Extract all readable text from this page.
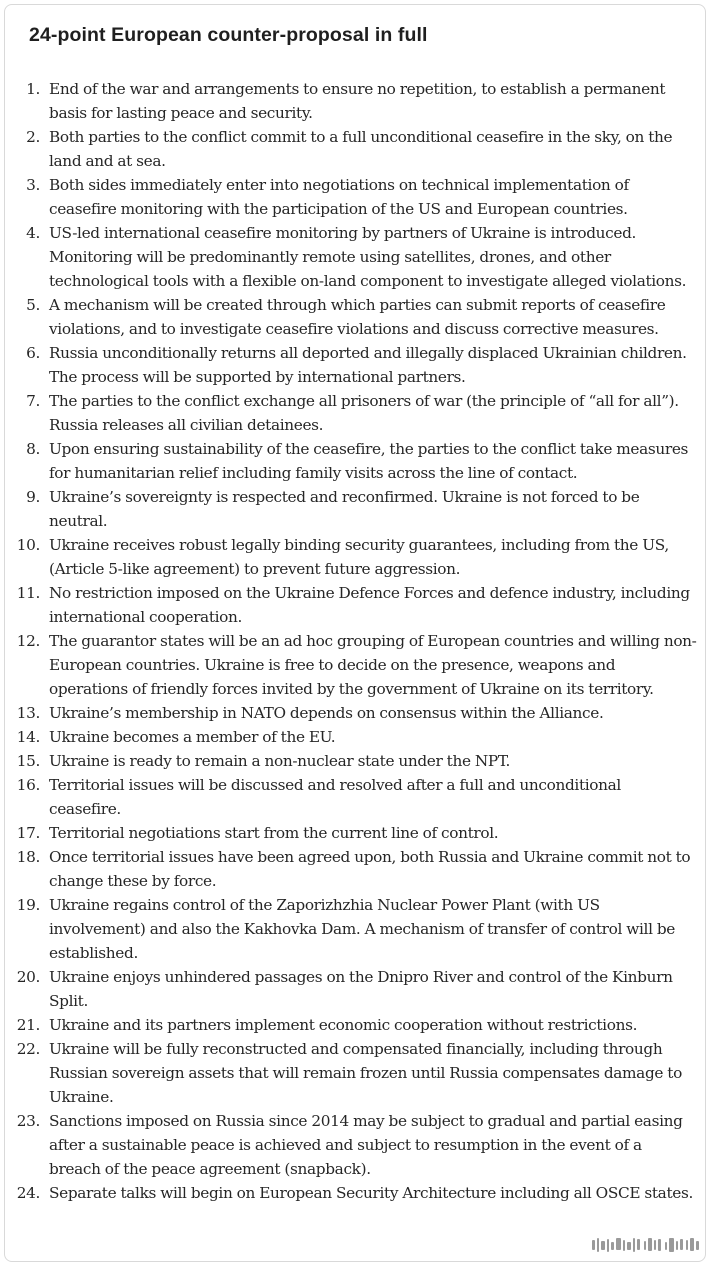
24-point European counter-proposal in full
1. End of the war and arrangements to ensure no repetition, to establish a permanent basis for lasting peace and security.
2. Both parties to the conflict commit to a full unconditional ceasefire in the sky, on the land and at sea.
3. Both sides immediately enter into negotiations on technical implementation of ceasefire monitoring with the participation of the US and European countries.
4. US-led international ceasefire monitoring by partners of Ukraine is introduced. Monitoring will be predominantly remote using satellites, drones, and other technological tools with a flexible on-land component to investigate alleged violations.
5. A mechanism will be created through which parties can submit reports of ceasefire violations, and to investigate ceasefire violations and discuss corrective measures.
6. Russia unconditionally returns all deported and illegally displaced Ukrainian children. The process will be supported by international partners.
7. The parties to the conflict exchange all prisoners of war (the principle of “all for all”). Russia releases all civilian detainees.
8. Upon ensuring sustainability of the ceasefire, the parties to the conflict take measures for humanitarian relief including family visits across the line of contact.
9. Ukraine’s sovereignty is respected and reconfirmed. Ukraine is not forced to be neutral.
10. Ukraine receives robust legally binding security guarantees, including from the US, (Article 5-like agreement) to prevent future aggression.
11. No restriction imposed on the Ukraine Defence Forces and defence industry, including international cooperation.
12. The guarantor states will be an ad hoc grouping of European countries and willing non-European countries. Ukraine is free to decide on the presence, weapons and operations of friendly forces invited by the government of Ukraine on its territory.
13. Ukraine’s membership in NATO depends on consensus within the Alliance.
14. Ukraine becomes a member of the EU.
15. Ukraine is ready to remain a non-nuclear state under the NPT.
16. Territorial issues will be discussed and resolved after a full and unconditional ceasefire.
17. Territorial negotiations start from the current line of control.
18. Once territorial issues have been agreed upon, both Russia and Ukraine commit not to change these by force.
19. Ukraine regains control of the Zaporizhzhia Nuclear Power Plant (with US involvement) and also the Kakhovka Dam. A mechanism of transfer of control will be established.
20. Ukraine enjoys unhindered passages on the Dnipro River and control of the Kinburn Split.
21. Ukraine and its partners implement economic cooperation without restrictions.
22. Ukraine will be fully reconstructed and compensated financially, including through Russian sovereign assets that will remain frozen until Russia compensates damage to Ukraine.
23. Sanctions imposed on Russia since 2014 may be subject to gradual and partial easing after a sustainable peace is achieved and subject to resumption in the event of a breach of the peace agreement (snapback).
24. Separate talks will begin on European Security Architecture including all OSCE states.
